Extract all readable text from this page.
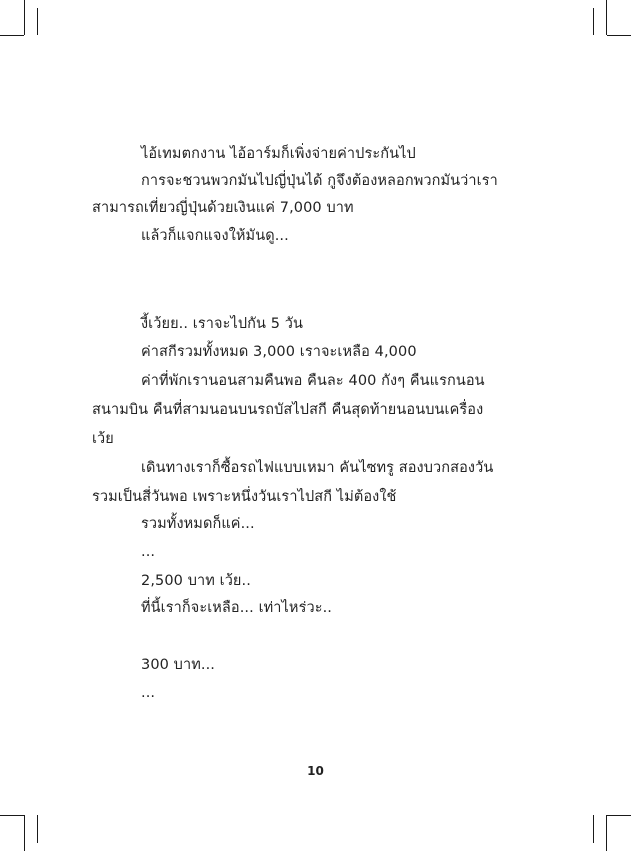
ไอ้เทมตกงาน ไอ้อาร์มก็เพิ่งจ่ายค่าประกันไป
การจะชวนพวกมันไปญี่ปุ่นได้ กูจึงต้องหลอกพวกมันว่าเรา
สามารถเที่ยวญี่ปุ่นด้วยเงินแค่ 7,000 บาท
แล้วก็แจกแจงให้มันดู...
งี้เว้ยย.. เราจะไปกัน 5 วัน
ค่าสกีรวมทั้งหมด 3,000 เราจะเหลือ 4,000
ค่าที่พักเรานอนสามคืนพอ คืนละ 400 กังๆ คืนแรกนอน
สนามบิน คืนที่สามนอนบนรถบัสไปสกี คืนสุดท้ายนอนบนเครื่อง
เว้ย
เดินทางเราก็ซื้อรถไฟแบบเหมา คันไซทรู สองบวกสองวัน
รวมเป็นสี่วันพอ เพราะหนึ่งวันเราไปสกี ไม่ต้องใช้
รวมทั้งหมดก็แค่...
...
2,500 บาท เว้ย..
ที่นี้เราก็จะเหลือ... เท่าไหร่วะ..
300 บาท...
...
10
